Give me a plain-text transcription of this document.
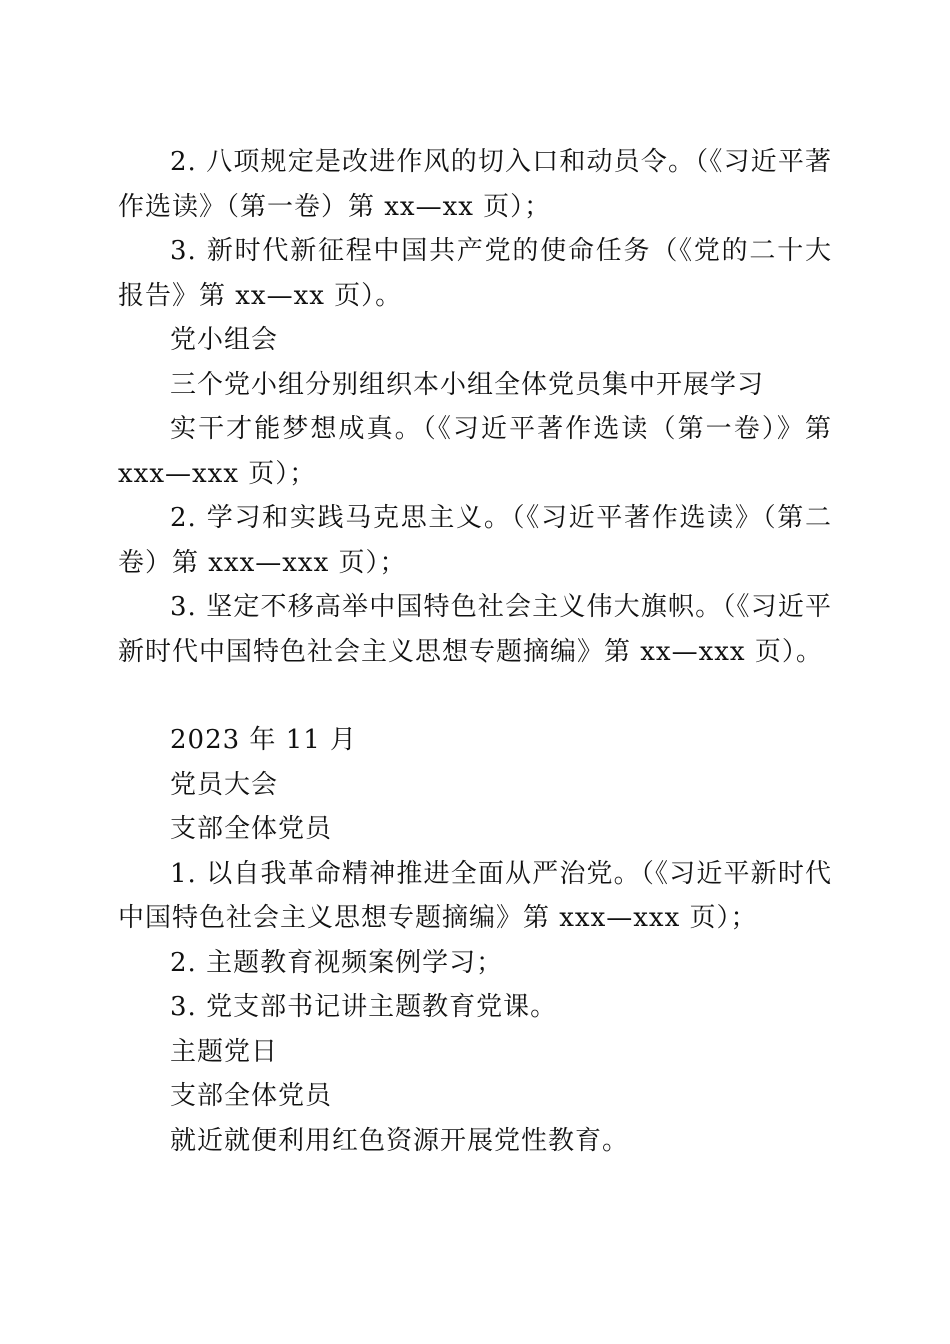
2. 八项规定是改进作风的切入口和动员令。（《习近平著作选读》（第一卷）第 xx—xx 页）；

3. 新时代新征程中国共产党的使命任务（《党的二十大报告》第 xx—xx 页）。

党小组会

三个党小组分别组织本小组全体党员集中开展学习

实干才能梦想成真。（《习近平著作选读（第一卷）》第 xxx—xxx 页）；

2. 学习和实践马克思主义。（《习近平著作选读》（第二卷）第 xxx—xxx 页）；

3. 坚定不移高举中国特色社会主义伟大旗帜。（《习近平新时代中国特色社会主义思想专题摘编》第 xx—xxx 页）。

2023 年 11 月

党员大会

支部全体党员

1. 以自我革命精神推进全面从严治党。（《习近平新时代中国特色社会主义思想专题摘编》第 xxx—xxx 页）；

2. 主题教育视频案例学习；

3. 党支部书记讲主题教育党课。

主题党日

支部全体党员

就近就便利用红色资源开展党性教育。
